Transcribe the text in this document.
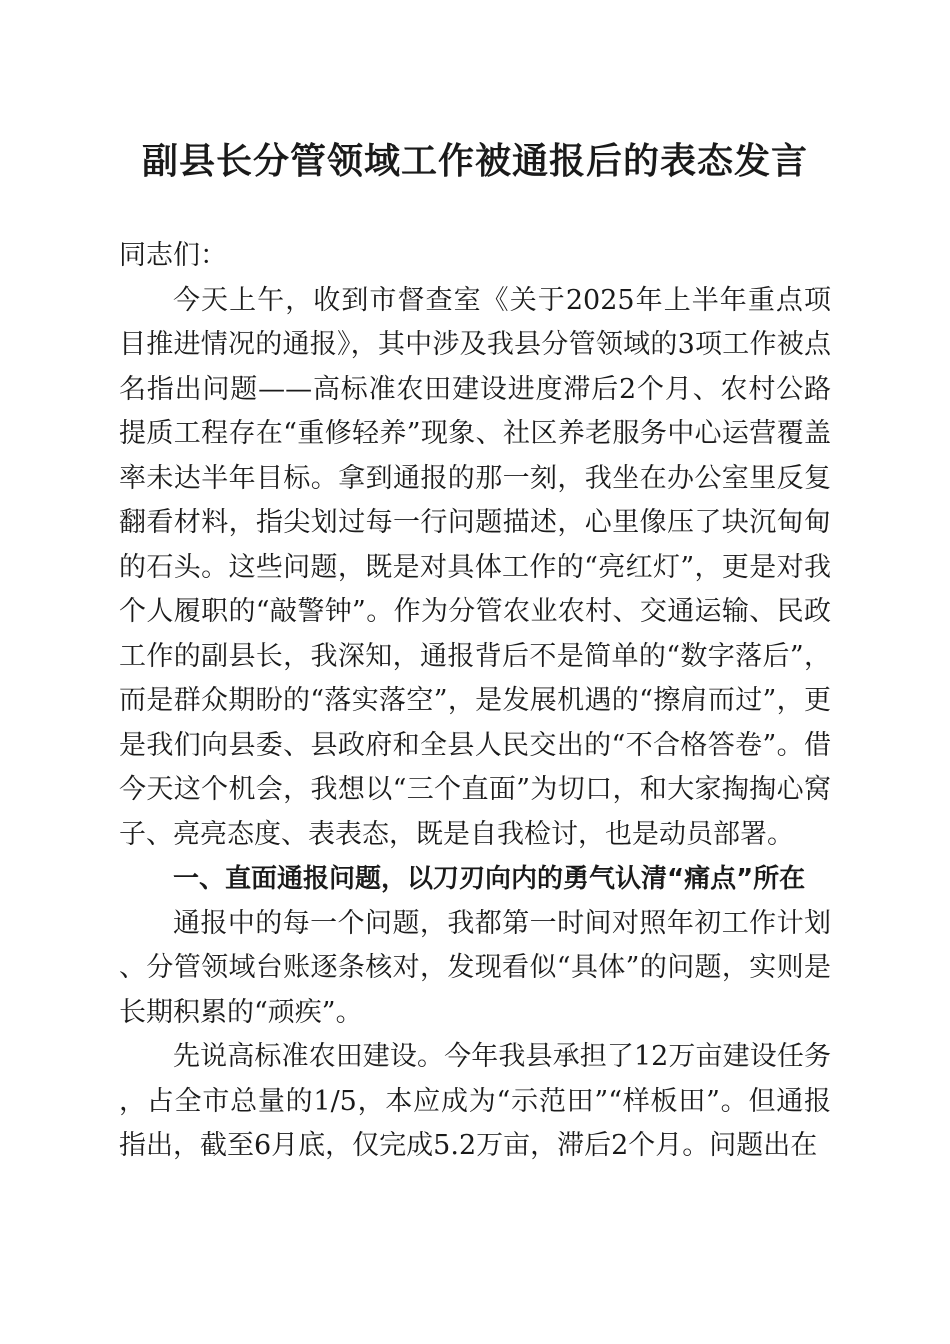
副县长分管领域工作被通报后的表态发言

同志们：

今天上午，收到市督查室《关于2025年上半年重点项目推进情况的通报》，其中涉及我县分管领域的3项工作被点名指出问题——高标准农田建设进度滞后2个月、农村公路提质工程存在“重修轻养”现象、社区养老服务中心运营覆盖率未达半年目标。拿到通报的那一刻，我坐在办公室里反复翻看材料，指尖划过每一行问题描述，心里像压了块沉甸甸的石头。这些问题，既是对具体工作的“亮红灯”，更是对我个人履职的“敲警钟”。作为分管农业农村、交通运输、民政工作的副县长，我深知，通报背后不是简单的“数字落后”，而是群众期盼的“落实落空”，是发展机遇的“擦肩而过”，更是我们向县委、县政府和全县人民交出的“不合格答卷”。借今天这个机会，我想以“三个直面”为切口，和大家掏掏心窝子、亮亮态度、表表态，既是自我检讨，也是动员部署。

一、直面通报问题，以刀刃向内的勇气认清“痛点”所在

通报中的每一个问题，我都第一时间对照年初工作计划、分管领域台账逐条核对，发现看似“具体”的问题，实则是长期积累的“顽疾”。

先说高标准农田建设。今年我县承担了12万亩建设任务，占全市总量的1/5，本应成为“示范田”“样板田”。但通报指出，截至6月底，仅完成5.2万亩，滞后2个月。问题出在
